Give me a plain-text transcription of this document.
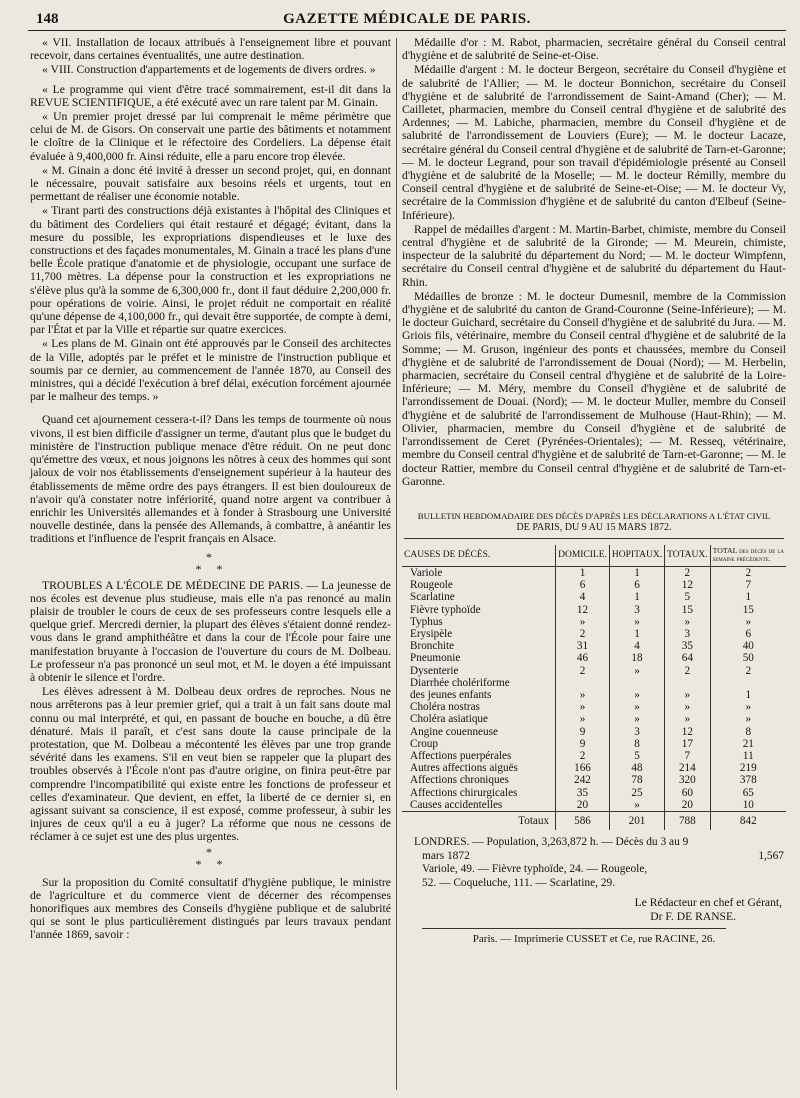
148	GAZETTE MÉDICALE DE PARIS.

« VII. Installation de locaux attribués à l'enseignement libre et pouvant recevoir, dans certaines éventualités, une autre destination.

« VIII. Construction d'appartements et de logements de divers ordres. »

« Le programme qui vient d'être tracé sommairement, est-il dit dans la REVUE SCIENTIFIQUE, a été exécuté avec un rare talent par M. Ginain.

« Un premier projet dressé par lui comprenait le même périmètre que celui de M. de Gisors. On conservait une partie des bâtiments et notamment le cloître de la Clinique et le réfectoire des Cordeliers. La dépense était évaluée à 9,400,000 fr. Ainsi réduite, elle a paru encore trop élevée.

« M. Ginain a donc été invité à dresser un second projet, qui, en donnant le nécessaire, pouvait satisfaire aux besoins réels et urgents, tout en permettant de réaliser une économie notable.

« Tirant parti des constructions déjà existantes à l'hôpital des Cliniques et du bâtiment des Cordeliers qui était restauré et dégagé; évitant, dans la mesure du possible, les expropriations dispendieuses et le luxe des constructions et des façades monumentales, M. Ginain a tracé les plans d'une belle École pratique d'anatomie et de physiologie, occupant une surface de 11,700 mètres. La dépense pour la construction et les expropriations ne s'élève plus qu'à la somme de 6,300,000 fr., dont il faut déduire 2,200,000 fr. pour opérations de voirie. Ainsi, le projet réduit ne comportait en réalité qu'une dépense de 4,100,000 fr., qui devait être supportée, de compte à demi, par l'État et par la Ville et répartie sur quatre exercices.

« Les plans de M. Ginain ont été approuvés par le Conseil des architectes de la Ville, adoptés par le préfet et le ministre de l'instruction publique et soumis par ce dernier, au commencement de l'année 1870, au Conseil des ministres, qui a décidé l'exécution à bref délai, exécution forcément ajournée par le malheur des temps. »

Quand cet ajournement cessera-t-il? Dans les temps de tourmente où nous vivons, il est bien difficile d'assigner un terme, d'autant plus que le budget du ministère de l'instruction publique menace d'être réduit. On ne peut donc qu'émettre des vœux, et nous joignons les nôtres à ceux des hommes qui sont jaloux de voir nos établissements d'enseignement supérieur à la hauteur des établissements de même ordre des pays étrangers. Il est bien douloureux de n'avoir qu'à constater notre infériorité, quand notre argent va contribuer à enrichir les Universités allemandes et à fonder à Strasbourg une Université nouvelle destinée, dans la pensée des Allemands, à combattre, à anéantir les traditions et l'influence de l'esprit français en Alsace.

*
* *

TROUBLES A L'ÉCOLE DE MÉDECINE DE PARIS. — La jeunesse de nos écoles est devenue plus studieuse, mais elle n'a pas renoncé au malin plaisir de troubler le cours de ceux de ses professeurs contre lesquels elle a quelque grief. Mercredi dernier, la plupart des élèves s'étaient donné rendez-vous dans le grand amphithéâtre et dans la cour de l'École pour faire une manifestation bruyante à l'occasion de l'ouverture du cours de M. Dolbeau. Le professeur n'a pas prononcé un seul mot, et M. le doyen a été impuissant à obtenir le silence et l'ordre.

Les élèves adressent à M. Dolbeau deux ordres de reproches. Nous ne nous arrêterons pas à leur premier grief, qui a trait à un fait sans doute mal connu ou mal interprété, et qui, en passant de bouche en bouche, a dû être dénaturé. Mais il paraît, et c'est sans doute la cause principale de la protestation, que M. Dolbeau a mécontenté les élèves par une trop grande sévérité dans les examens. S'il en veut bien se rappeler que la plupart des troubles observés à l'École n'ont pas d'autre origine, on finira peut-être par comprendre l'incompatibilité qui existe entre les fonctions de professeur et celles d'examinateur. Que devient, en effet, la liberté de ce dernier si, en agissant suivant sa conscience, il est exposé, comme professeur, à subir les injures de ceux qu'il a eu à juger? La réforme que nous ne cessons de réclamer à ce sujet est une des plus urgentes.

*
* *

Sur la proposition du Comité consultatif d'hygiène publique, le ministre de l'agriculture et du commerce vient de décerner des récompenses honorifiques aux membres des Conseils d'hygiène publique et de salubrité qui se sont le plus particulièrement distingués par leurs travaux pendant l'année 1869, savoir :

Médaille d'or : M. Rabot, pharmacien, secrétaire général du Conseil central d'hygiène et de salubrité de Seine-et-Oise.

Médaille d'argent : M. le docteur Bergeon, secrétaire du Conseil d'hygiène et de salubrité de l'Allier; — M. le docteur Bonnichon, secrétaire du Conseil d'hygiène et de salubrité de l'arrondissement de Saint-Amand (Cher); — M. Cailletet, pharmacien, membre du Conseil central d'hygiène et de salubrité des Ardennes; — M. Labiche, pharmacien, membre du Conseil d'hygiène et de salubrité de l'arrondissement de Louviers (Eure); — M. le docteur Lacaze, secrétaire général du Conseil central d'hygiène et de salubrité de Tarn-et-Garonne; — M. le docteur Legrand, pour son travail d'épidémiologie présenté au Conseil d'hygiène et de salubrité de la Moselle; — M. le docteur Rémilly, membre du Conseil central d'hygiène et de salubrité de Seine-et-Oise; — M. le docteur Vy, secrétaire de la Commission d'hygiène et de salubrité du canton d'Elbeuf (Seine-Inférieure).

Rappel de médailles d'argent : M. Martin-Barbet, chimiste, membre du Conseil central d'hygiène et de salubrité de la Gironde; — M. Meurein, chimiste, inspecteur de la salubrité du département du Nord; — M. le docteur Wimpfenn, secrétaire du Conseil central d'hygiène et de salubrité du département du Haut-Rhin.

Médailles de bronze : M. le docteur Dumesnil, membre de la Commission d'hygiène et de salubrité du canton de Grand-Couronne (Seine-Inférieure); — M. le docteur Guichard, secrétaire du Conseil d'hygiène et de salubrité du Jura. — M. Griois fils, vétérinaire, membre du Conseil central d'hygiène et de salubrité de la Somme; — M. Gruson, ingénieur des ponts et chaussées, membre du Conseil d'hygiène et de salubrité de l'arrondissement de Douai (Nord); — M. Herbelin, pharmacien, secrétaire du Conseil central d'hygiène et de salubrité de la Loire-Inférieure; — M. Méry, membre du Conseil d'hygiène et de salubrité de l'arrondissement de Douai. (Nord); — M. le docteur Muller, membre du Conseil d'hygiène et de salubrité de l'arrondissement de Mulhouse (Haut-Rhin); — M. Olivier, pharmacien, membre du Conseil d'hygiène et de salubrité de l'arrondissement de Ceret (Pyrénées-Orientales); — M. Resseq, vétérinaire, membre du Conseil central d'hygiène et de salubrité de Tarn-et-Garonne; — M. le docteur Rattier, membre du Conseil central d'hygiène et de salubrité de Tarn-et-Garonne.

BULLETIN HEBDOMADAIRE DES DÉCÈS D'APRÈS LES DÉCLARATIONS A L'ÉTAT CIVIL
DE PARIS, DU 9 AU 15 MARS 1872.
CAUSES DE DÉCÈS.	DOMICILE.	HOPITAUX.	TOTAUX.	TOTAL des décès de la semaine précédente.
Variole	1	1	2	2
Rougeole	6	6	12	7
Scarlatine	4	1	5	1
Fièvre typhoïde	12	3	15	15
Typhus	»	»	»	»
Erysipèle	2	1	3	6
Bronchite	31	4	35	40
Pneumonie	46	18	64	50
Dysenterie	2	»	2	2
Diarrhée cholériforme				
des jeunes enfants	»	»	»	1
Choléra nostras	»	»	»	»
Choléra asiatique	»	»	»	»
Angine couenneuse	9	3	12	8
Croup	9	8	17	21
Affections puerpérales	2	5	7	11
Autres affections aiguës	166	48	214	219
Affections chroniques	242	78	320	378
Affections chirurgicales	35	25	60	65
Causes accidentelles	20	»	20	10
Totaux	586	201	788	842

LONDRES. — Population, 3,263,872 h. — Décès du 3 au 9

mars 1872	1,567
Variole, 49. — Fièvre typhoïde, 24. — Rougeole,
52. — Coqueluche, 111. — Scarlatine, 29.
Le Rédacteur en chef et Gérant,
Dr F. DE RANSE.
Paris. — Imprimerie CUSSET et Ce, rue RACINE, 26.
